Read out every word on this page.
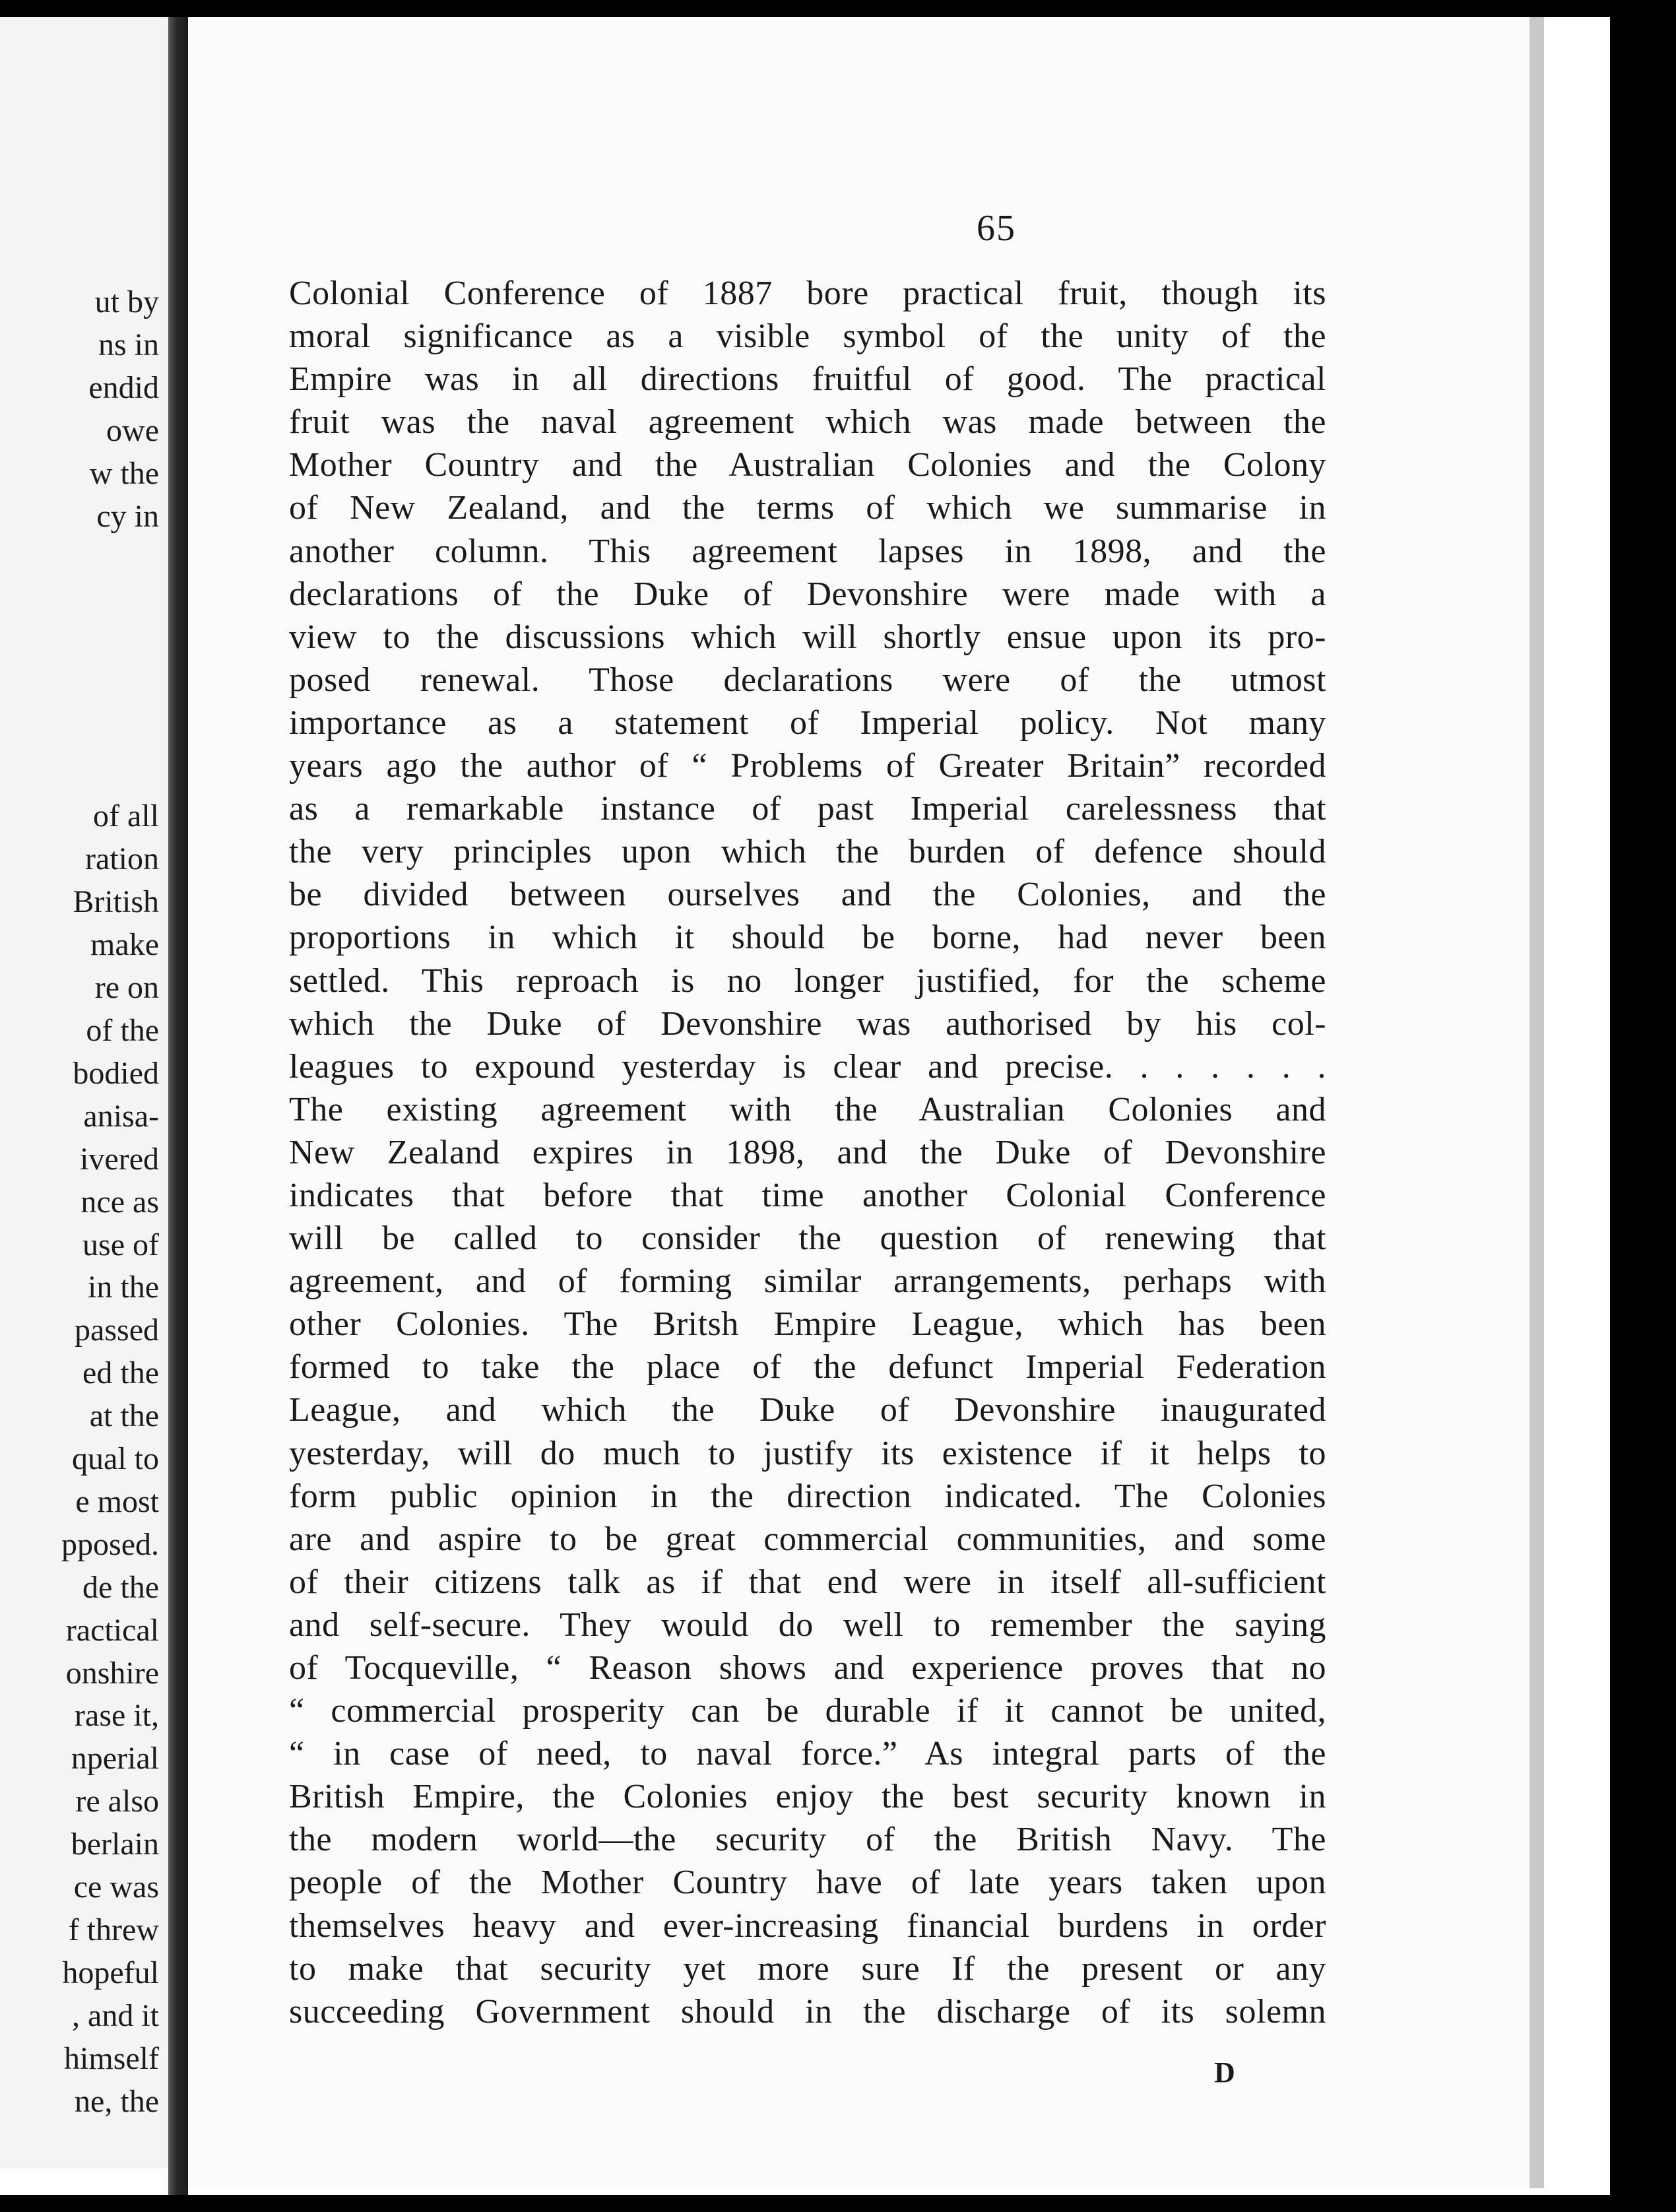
ut by
ns in
endid
owe
w the
cy in
of all
ration
British
make
re on
of the
bodied
anisa-
ivered
nce as
use of
in the
passed
ed the
at the
qual to
e most
pposed.
de the
ractical
onshire
rase it,
nperial
re also
berlain
ce was
f threw
hopeful
, and it
himself
ne, the
65
Colonial Conference of 1887 bore practical fruit, though its
moral significance as a visible symbol of the unity of the
Empire was in all directions fruitful of good. The practical
fruit was the naval agreement which was made between the
Mother Country and the Australian Colonies and the Colony
of New Zealand, and the terms of which we summarise in
another column. This agreement lapses in 1898, and the
declarations of the Duke of Devonshire were made with a
view to the discussions which will shortly ensue upon its pro-
posed renewal. Those declarations were of the utmost
importance as a statement of Imperial policy. Not many
years ago the author of “ Problems of Greater Britain” recorded
as a remarkable instance of past Imperial carelessness that
the very principles upon which the burden of defence should
be divided between ourselves and the Colonies, and the
proportions in which it should be borne, had never been
settled. This reproach is no longer justified, for the scheme
which the Duke of Devonshire was authorised by his col-
leagues to expound yesterday is clear and precise. . . . . . .
The existing agreement with the Australian Colonies and
New Zealand expires in 1898, and the Duke of Devonshire
indicates that before that time another Colonial Conference
will be called to consider the question of renewing that
agreement, and of forming similar arrangements, perhaps with
other Colonies. The Britsh Empire League, which has been
formed to take the place of the defunct Imperial Federation
League, and which the Duke of Devonshire inaugurated
yesterday, will do much to justify its existence if it helps to
form public opinion in the direction indicated. The Colonies
are and aspire to be great commercial communities, and some
of their citizens talk as if that end were in itself all-sufficient
and self-secure. They would do well to remember the saying
of Tocqueville, “ Reason shows and experience proves that no
“ commercial prosperity can be durable if it cannot be united,
“ in case of need, to naval force.” As integral parts of the
British Empire, the Colonies enjoy the best security known in
the modern world—the security of the British Navy. The
people of the Mother Country have of late years taken upon
themselves heavy and ever-increasing financial burdens in order
to make that security yet more sure If the present or any
succeeding Government should in the discharge of its solemn
D
